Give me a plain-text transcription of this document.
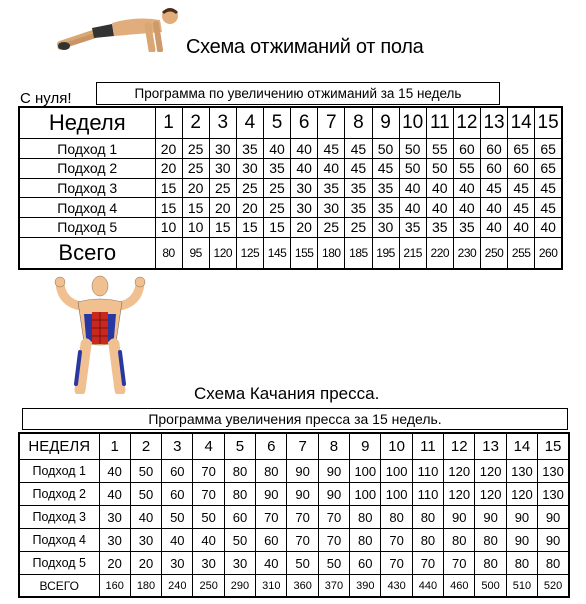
Схема отжиманий от пола
С нуля!	Программа по увеличению отжиманий за 15 недель
Неделя	1	2	3	4	5	6	7	8	9	10	11	12	13	14	15
Подход 1	20	25	30	35	40	40	45	45	50	50	55	60	60	65	65
Подход 2	20	25	30	30	35	40	40	45	45	50	50	55	60	60	65
Подход 3	15	20	25	25	25	30	35	35	35	40	40	40	45	45	45
Подход 4	15	15	20	20	25	30	30	35	35	40	40	40	40	45	45
Подход 5	10	10	15	15	15	20	25	25	30	35	35	35	40	40	40
Всего	80	95	120	125	145	155	180	185	195	215	220	230	250	255	260
Схема Качания пресса.
Программа увеличения пресса за 15 недель.
НЕДЕЛЯ	1	2	3	4	5	6	7	8	9	10	11	12	13	14	15
Подход 1	40	50	60	70	80	80	90	90	100	100	110	120	120	130	130
Подход 2	40	50	60	70	80	90	90	90	100	100	110	120	120	120	130
Подход 3	30	40	50	50	60	70	70	70	80	80	80	90	90	90	90
Подход 4	30	30	40	40	50	60	70	70	80	70	80	80	80	90	90
Подход 5	20	20	30	30	30	40	50	50	60	70	70	70	80	80	80
ВСЕГО	160	180	240	250	290	310	360	370	390	430	440	460	500	510	520
